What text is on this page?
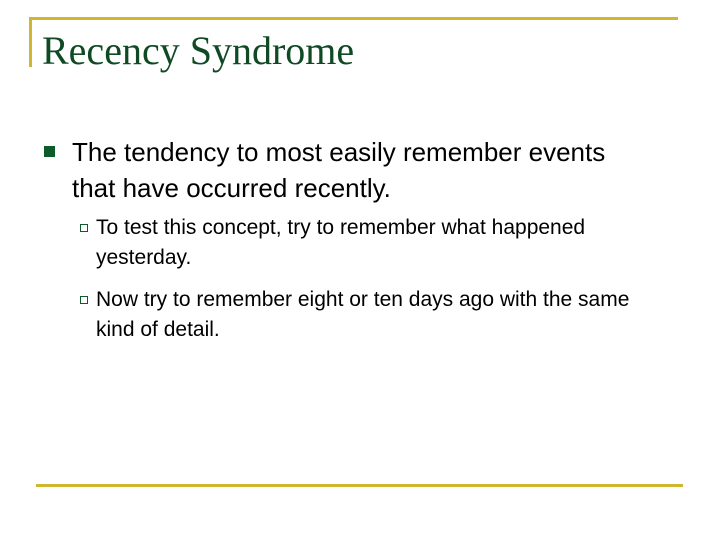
Recency Syndrome
The tendency to most easily remember events that have occurred recently.
To test this concept, try to remember what happened yesterday.
Now try to remember eight or ten days ago with the same kind of detail.
